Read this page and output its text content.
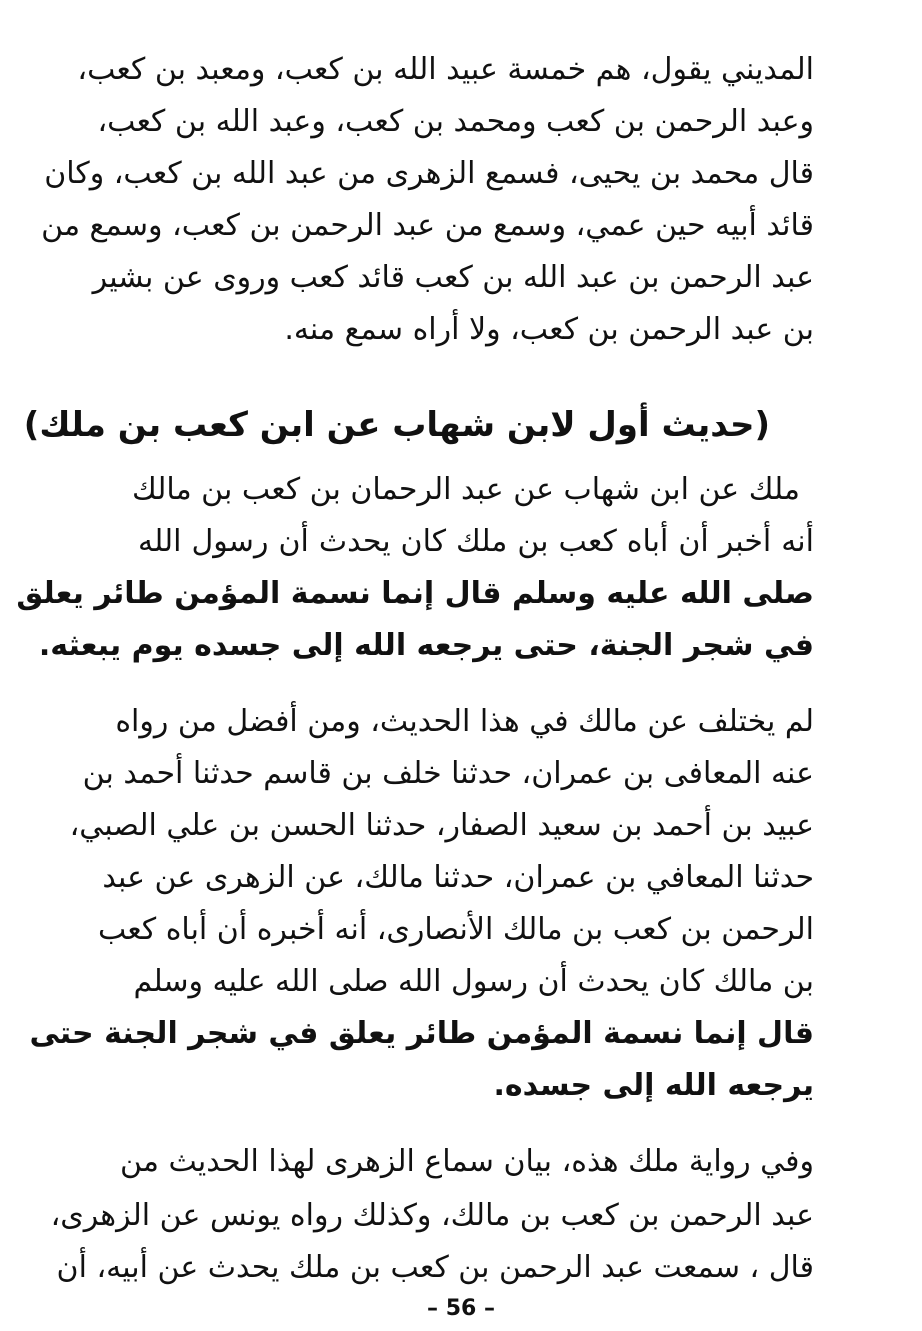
المديني يقول، هم خمسة عبيد الله بن كعب، ومعبد بن كعب،
وعبد الرحمن بن كعب ومحمد بن كعب، وعبد الله بن كعب،
قال محمد بن يحيى، فسمع الزهرى من عبد الله بن كعب، وكان
قائد أبيه حين عمي، وسمع من عبد الرحمن بن كعب، وسمع من
عبد الرحمن بن عبد الله بن كعب قائد كعب وروى عن بشير
بن عبد الرحمن بن كعب، ولا أراه سمع منه.
(حديث أول لابن شهاب عن ابن كعب بن ملك)
ملك عن ابن شهاب عن عبد الرحمان بن كعب بن مالك
أنه أخبر أن أباه كعب بن ملك كان يحدث أن رسول الله
صلى الله عليه وسلم قال إنما نسمة المؤمن طائر يعلق
في شجر الجنة، حتى يرجعه الله إلى جسده يوم يبعثه.
لم يختلف عن مالك في هذا الحديث، ومن أفضل من رواه
عنه المعافى بن عمران، حدثنا خلف بن قاسم حدثنا أحمد بن
عبيد بن أحمد بن سعيد الصفار، حدثنا الحسن بن علي الصبي،
حدثنا المعافي بن عمران، حدثنا مالك، عن الزهرى عن عبد
الرحمن بن كعب بن مالك الأنصارى، أنه أخبره أن أباه كعب
بن مالك كان يحدث أن رسول الله صلى الله عليه وسلم
قال إنما نسمة المؤمن طائر يعلق في شجر الجنة حتى
يرجعه الله إلى جسده.
وفي رواية ملك هذه، بيان سماع الزهرى لهذا الحديث من
عبد الرحمن بن كعب بن مالك، وكذلك رواه يونس عن الزهرى،
قال ، سمعت عبد الرحمن بن كعب بن ملك يحدث عن أبيه، أن
– 56 –
